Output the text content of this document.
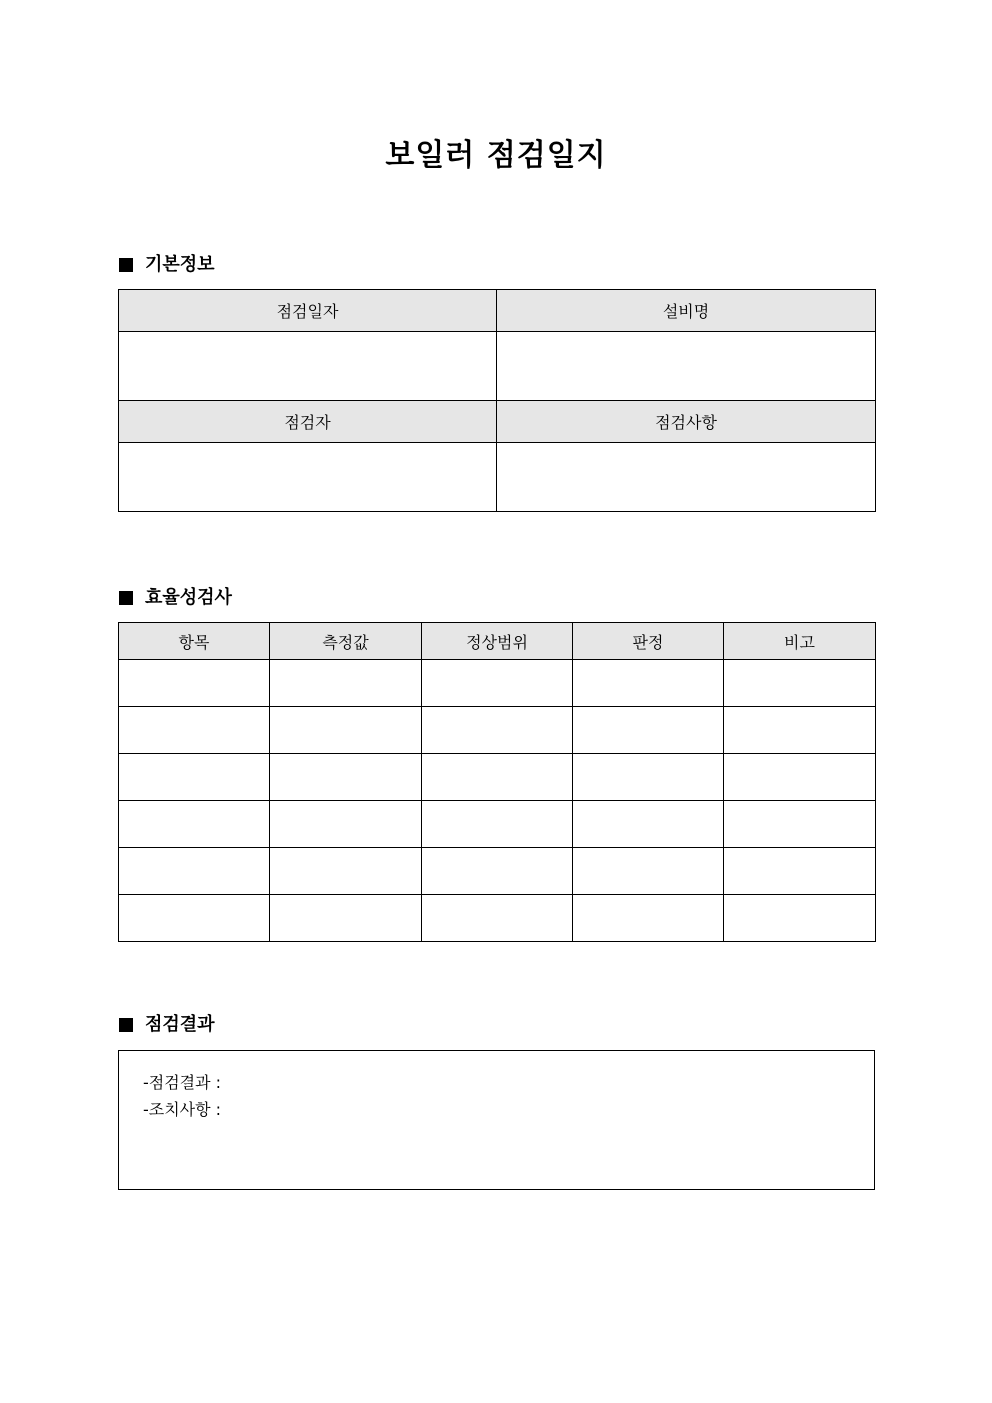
보일러 점검일지
기본정보
점검일자	설비명

점검자	점검사항

효율성검사
항목	측정값	정상범위	판정	비고

점검결과
-점검결과 :
-조치사항 :
